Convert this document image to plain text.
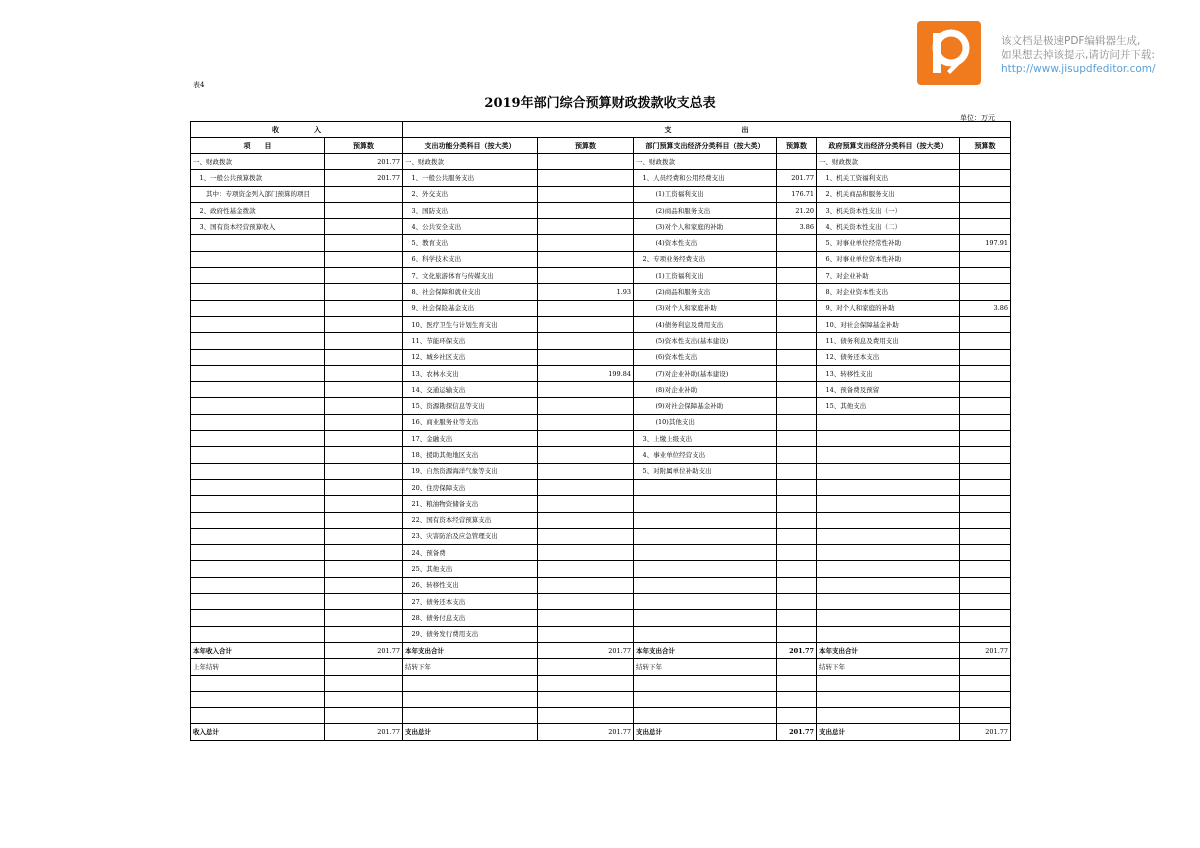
该文档是极速PDF编辑器生成,
如果想去掉该提示,请访问并下载:
http://www.jisupdfeditor.com/
表4
2019年部门综合预算财政拨款收支总表
单位：万元
收　　　　　入		支　　　　　　　　　　出					
项　　目	预算数	支出功能分类科目（按大类）	预算数	部门预算支出经济分类科目（按大类）	预算数	政府预算支出经济分类科目（按大类）	预算数
一、财政拨款	201.77	一、财政拨款		一、财政拨款		一、财政拨款	
　1、一般公共预算拨款	201.77	　1、一般公共服务支出		　1、人员经费和公用经费支出	201.77	　1、机关工资福利支出	
　　其中：专项资金列入部门预算的项目		　2、外交支出		　　　(1)工资福利支出	176.71	　2、机关商品和服务支出	
　2、政府性基金拨款		　3、国防支出		　　　(2)商品和服务支出	21.20	　3、机关资本性支出（一）	
　3、国有资本经营预算收入		　4、公共安全支出		　　　(3)对个人和家庭的补助	3.86	　4、机关资本性支出（二）	
		　5、教育支出		　　　(4)资本性支出		　5、对事业单位经常性补助	197.91
		　6、科学技术支出		　2、专项业务经费支出		　6、对事业单位资本性补助	
		　7、文化旅游体育与传媒支出		　　　(1)工资福利支出		　7、对企业补助	
		　8、社会保障和就业支出	1.93	　　　(2)商品和服务支出		　8、对企业资本性支出	
		　9、社会保险基金支出		　　　(3)对个人和家庭补助		　9、对个人和家庭的补助	3.86
		　10、医疗卫生与计划生育支出		　　　(4)债务利息及费用支出		　10、对社会保障基金补助	
		　11、节能环保支出		　　　(5)资本性支出(基本建设)		　11、债务利息及费用支出	
		　12、城乡社区支出		　　　(6)资本性支出		　12、债务还本支出	
		　13、农林水支出	199.84	　　　(7)对企业补助(基本建设)		　13、转移性支出	
		　14、交通运输支出		　　　(8)对企业补助		　14、预备费及预留	
		　15、资源勘探信息等支出		　　　(9)对社会保障基金补助		　15、其他支出	
		　16、商业服务业等支出		　　　(10)其他支出			
		　17、金融支出		　3、上缴上级支出			
		　18、援助其他地区支出		　4、事业单位经营支出			
		　19、自然资源海洋气象等支出		　5、对附属单位补助支出			
		　20、住房保障支出					
		　21、粮油物资储备支出					
		　22、国有资本经营预算支出					
		　23、灾害防治及应急管理支出					
		　24、预备费					
		　25、其他支出					
		　26、转移性支出					
		　27、债务还本支出					
		　28、债务付息支出					
		　29、债务发行费用支出					
本年收入合计	201.77	本年支出合计	201.77	本年支出合计	201.77	本年支出合计	201.77
上年结转		结转下年		结转下年		结转下年	

收入总计	201.77	支出总计	201.77	支出总计	201.77	支出总计	201.77
